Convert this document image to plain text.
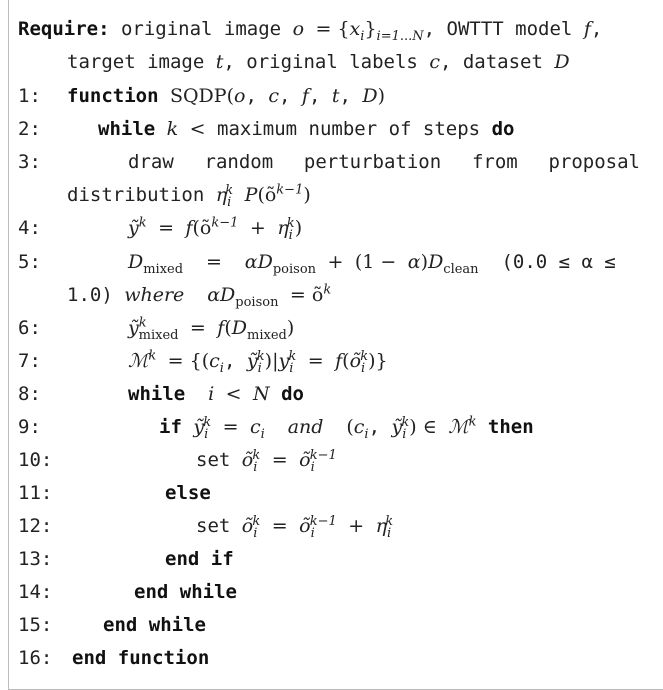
Require: original image $o = \{x_i\}_{i=1...N}$, OWTTT model f,
target image t, original labels c, dataset D
1: function SQDP(o, c, f, t, D)
2:	while k < maximum number of steps do
3:	draw random perturbation from proposal
distribution $\eta_i^k$ $P(õ^{k-1})$
4:	ỹ$^k$ = $f(õ^{k-1} + \eta_i^k)$
5:	$D_{mixed} = \alpha D_{poison} + (1 - \alpha)D_{clean}$ (0.0 ≤ α ≤
1.0) where $\alpha D_{poison}$ = $õ^k$
6:	ỹ$^k_{mixed}$ = $f(D_{mixed})$
7:	ℳ$^k$ = {($c_i$, $ỹ_i^k)|y_i^k$ = $f(õ_i^k)$}
8:	while i < N do
9:	if ỹ$_i^k$ = $c_i$ and ($c_i$, ỹ$_i^k$) ∈ ℳ$^k$ then
10:	set $õ_i^k$ = $õ_i^{k-1}$
11:	else
12:	set $õ_i^k$ = $õ_i^{k-1} + \eta_i^k$
13:	end if
14:	end while
15:	end while
16: end function
